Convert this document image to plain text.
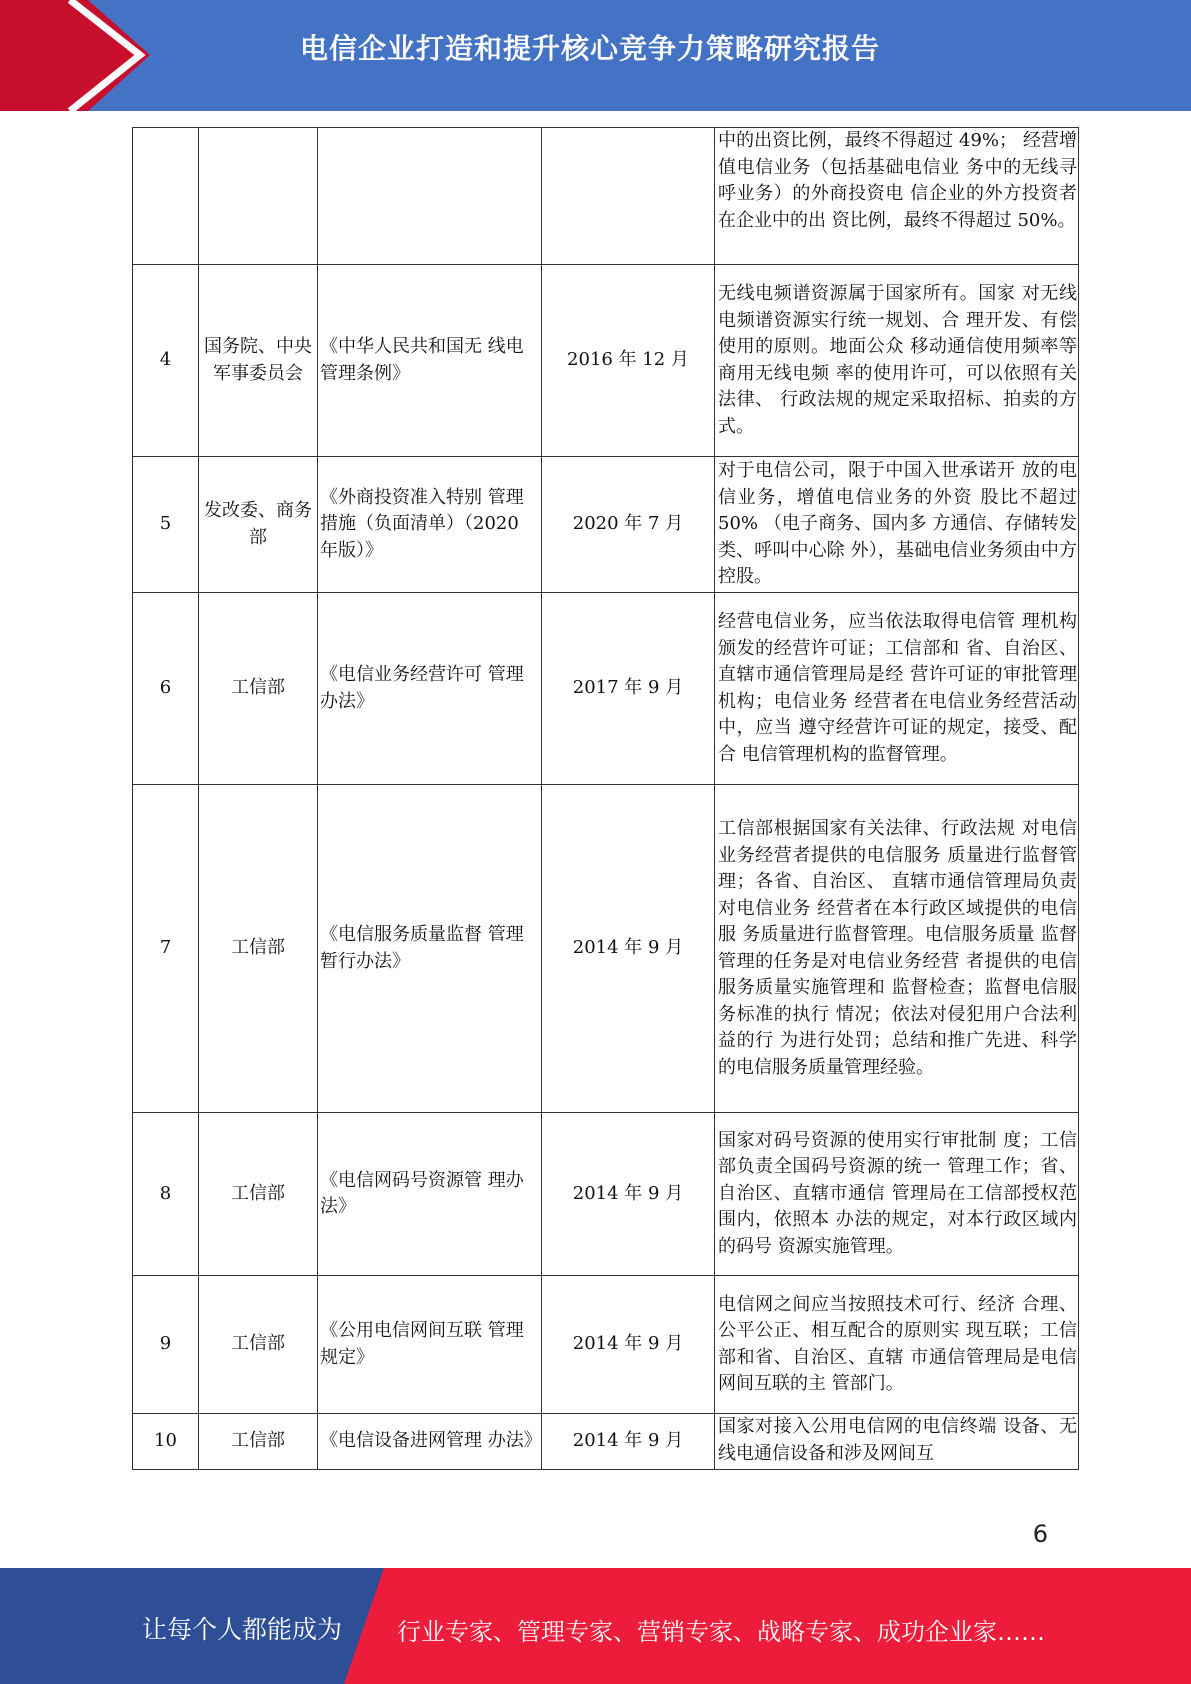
电信企业打造和提升核心竞争力策略研究报告
				中的出资比例，最终不得超过 49%； 经营增值电信业务（包括基础电信业 务中的无线寻呼业务）的外商投资电 信企业的外方投资者在企业中的出 资比例，最终不得超过 50%。
4	国务院、中央军事委员会	《中华人民共和国无 线电管理条例》	2016 年 12 月	无线电频谱资源属于国家所有。国家 对无线电频谱资源实行统一规划、合 理开发、有偿使用的原则。地面公众 移动通信使用频率等商用无线电频 率的使用许可，可以依照有关法律、 行政法规的规定采取招标、拍卖的方 式。
5	发改委、商务部	《外商投资准入特别 管理措施（负面清单）（2020 年版）》	2020 年 7 月	对于电信公司，限于中国入世承诺开 放的电信业务，增值电信业务的外资 股比不超过 50% （电子商务、国内多 方通信、存储转发类、呼叫中心除 外），基础电信业务须由中方控股。
6	工信部	《电信业务经营许可 管理办法》	2017 年 9 月	经营电信业务，应当依法取得电信管 理机构颁发的经营许可证；工信部和 省、自治区、直辖市通信管理局是经 营许可证的审批管理机构；电信业务 经营者在电信业务经营活动中，应当 遵守经营许可证的规定，接受、配合 电信管理机构的监督管理。
7	工信部	《电信服务质量监督 管理暂行办法》	2014 年 9 月	工信部根据国家有关法律、行政法规 对电信业务经营者提供的电信服务 质量进行监督管理；各省、自治区、 直辖市通信管理局负责对电信业务 经营者在本行政区域提供的电信服 务质量进行监督管理。电信服务质量 监督管理的任务是对电信业务经营 者提供的电信服务质量实施管理和 监督检查；监督电信服务标准的执行 情况；依法对侵犯用户合法利益的行 为进行处罚；总结和推广先进、科学 的电信服务质量管理经验。
8	工信部	《电信网码号资源管 理办法》	2014 年 9 月	国家对码号资源的使用实行审批制 度；工信部负责全国码号资源的统一 管理工作；省、自治区、直辖市通信 管理局在工信部授权范围内，依照本 办法的规定，对本行政区域内的码号 资源实施管理。
9	工信部	《公用电信网间互联 管理规定》	2014 年 9 月	电信网之间应当按照技术可行、经济 合理、公平公正、相互配合的原则实 现互联；工信部和省、自治区、直辖 市通信管理局是电信网间互联的主 管部门。
10	工信部	《电信设备进网管理 办法》	2014 年 9 月	国家对接入公用电信网的电信终端 设备、无线电通信设备和涉及网间互
6
让每个人都能成为 行业专家、管理专家、营销专家、战略专家、成功企业家……
